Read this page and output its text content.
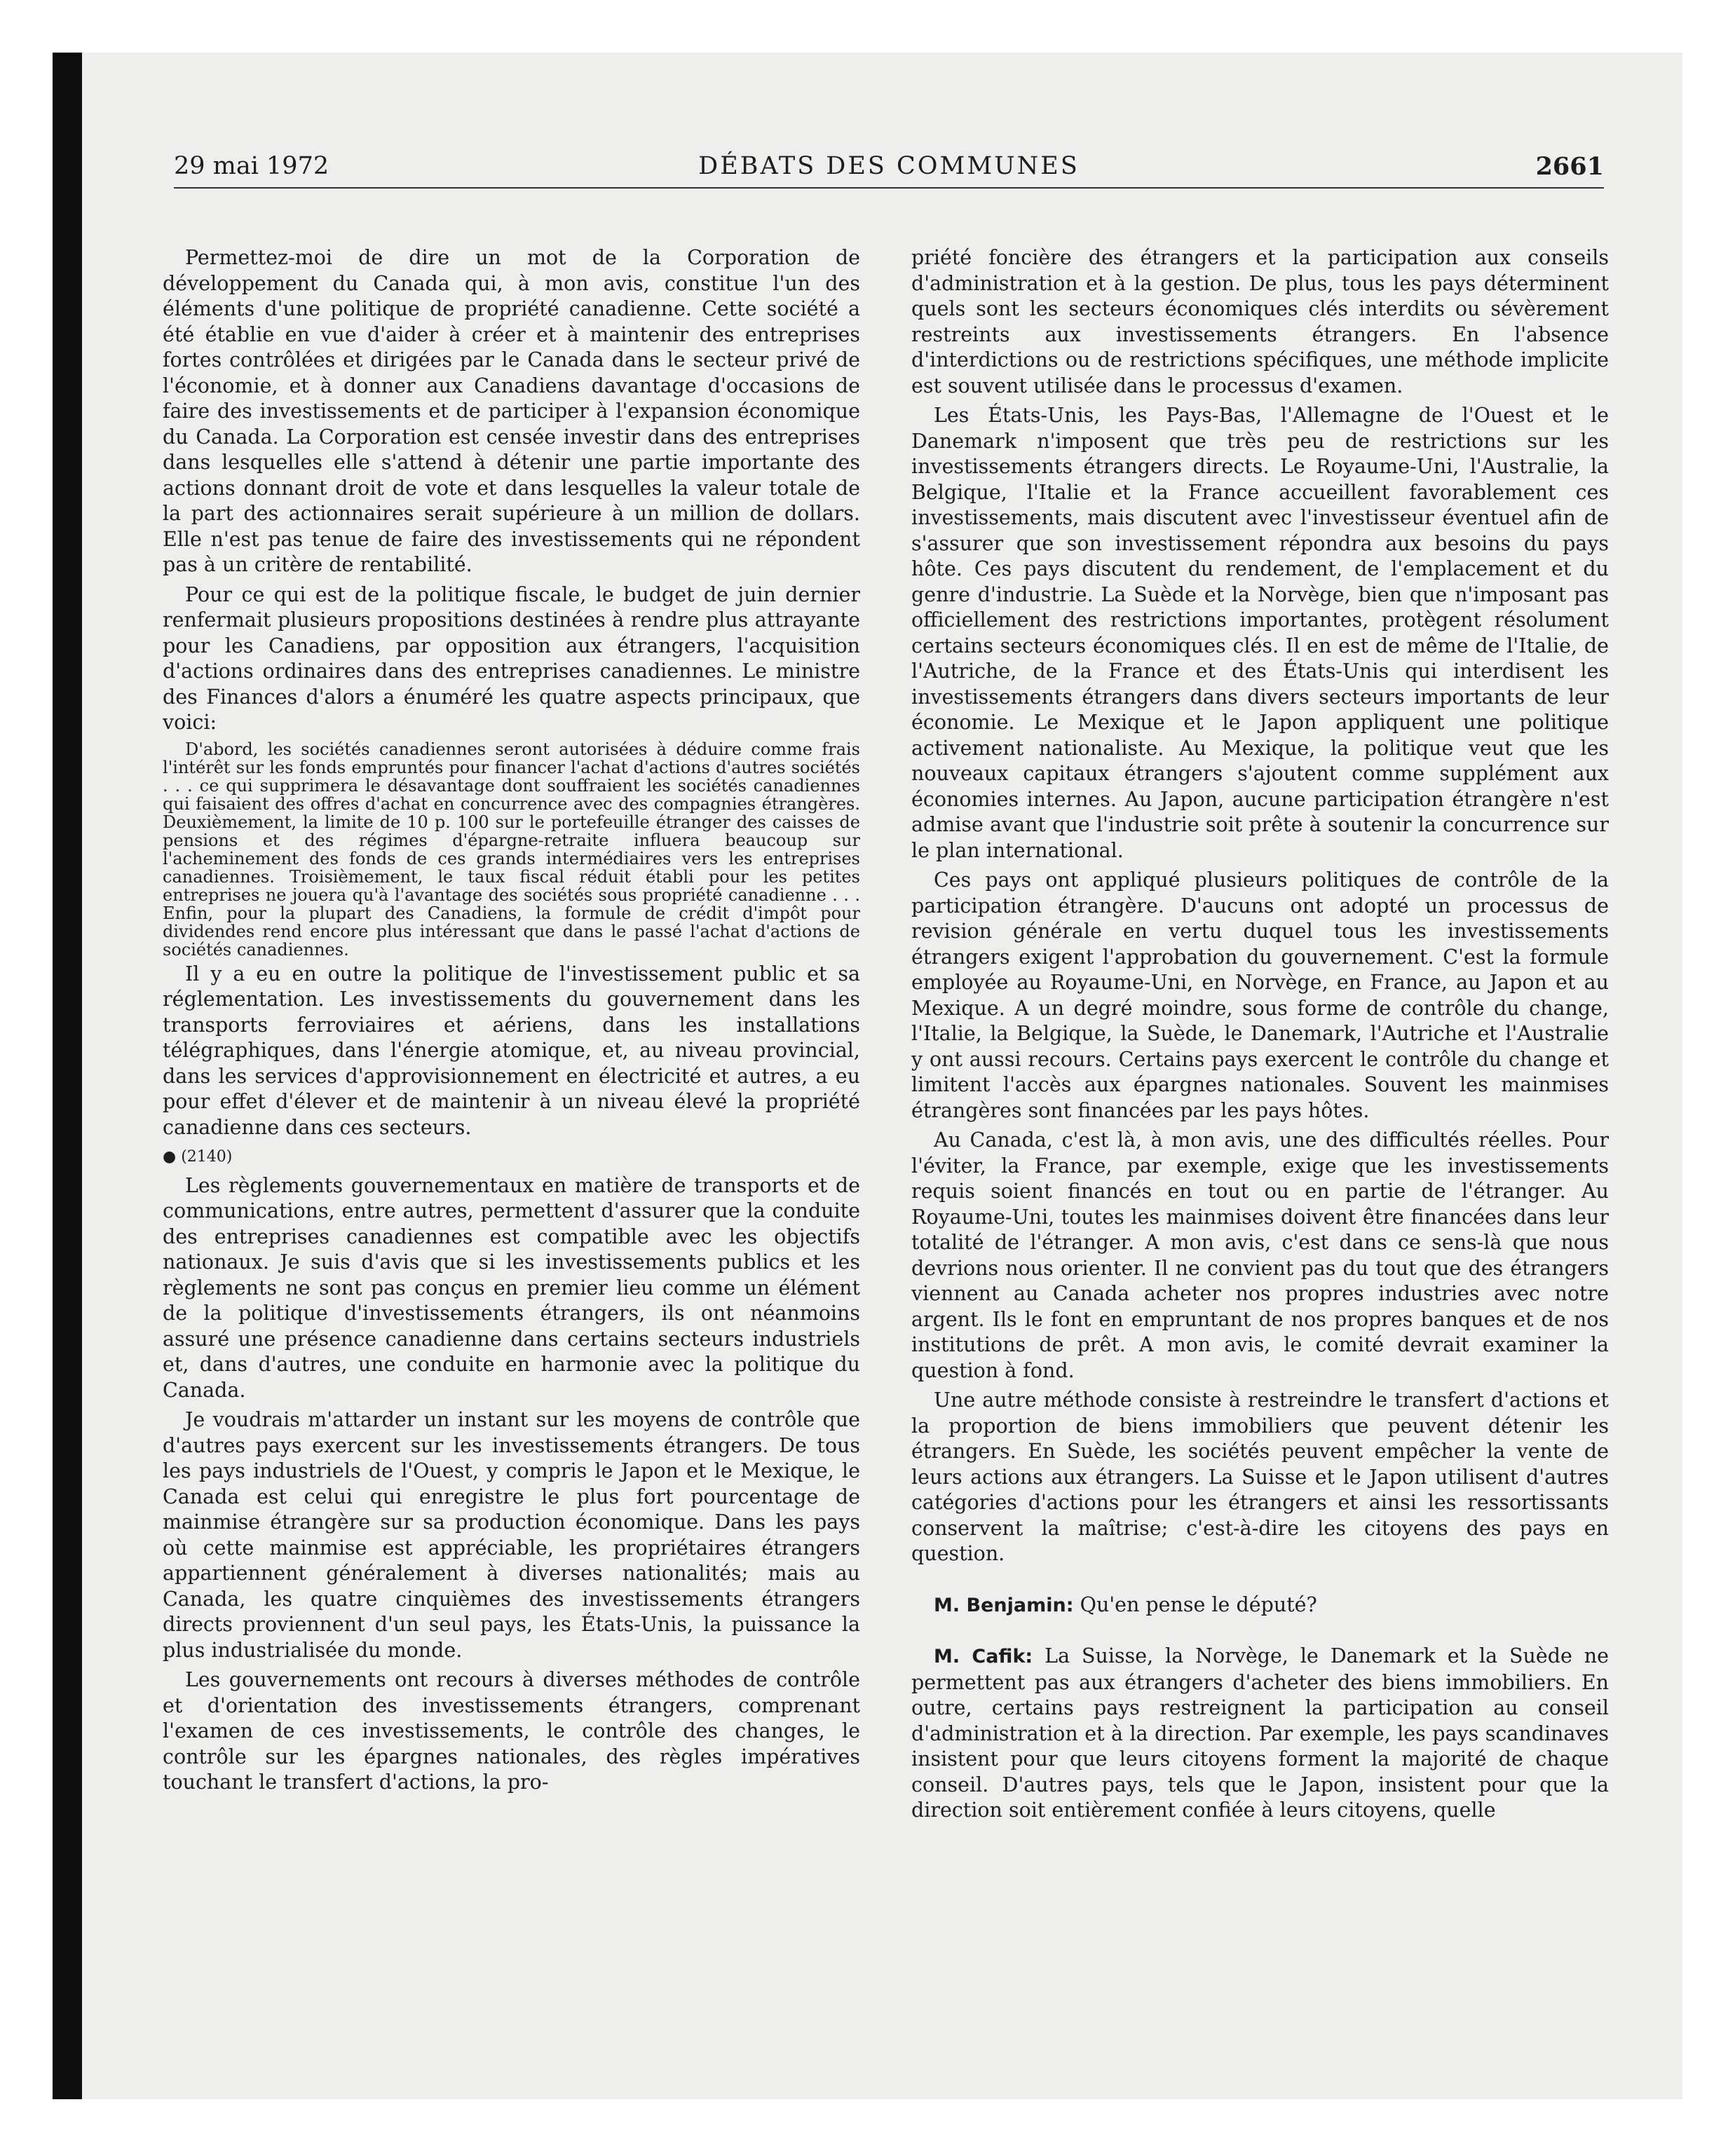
29 mai 1972	DÉBATS DES COMMUNES	2661

Permettez-moi de dire un mot de la Corporation de développement du Canada qui, à mon avis, constitue l'un des éléments d'une politique de propriété canadienne. Cette société a été établie en vue d'aider à créer et à maintenir des entreprises fortes contrôlées et dirigées par le Canada dans le secteur privé de l'économie, et à donner aux Canadiens davantage d'occasions de faire des investissements et de participer à l'expansion économique du Canada. La Corporation est censée investir dans des entreprises dans lesquelles elle s'attend à détenir une partie importante des actions donnant droit de vote et dans lesquelles la valeur totale de la part des actionnaires serait supérieure à un million de dollars. Elle n'est pas tenue de faire des investissements qui ne répondent pas à un critère de rentabilité.

Pour ce qui est de la politique fiscale, le budget de juin dernier renfermait plusieurs propositions destinées à rendre plus attrayante pour les Canadiens, par opposition aux étrangers, l'acquisition d'actions ordinaires dans des entreprises canadiennes. Le ministre des Finances d'alors a énuméré les quatre aspects principaux, que voici:

D'abord, les sociétés canadiennes seront autorisées à déduire comme frais l'intérêt sur les fonds empruntés pour financer l'achat d'actions d'autres sociétés . . . ce qui supprimera le désavantage dont souffraient les sociétés canadiennes qui faisaient des offres d'achat en concurrence avec des compagnies étrangères. Deuxièmement, la limite de 10 p. 100 sur le portefeuille étranger des caisses de pensions et des régimes d'épargne-retraite influera beaucoup sur l'acheminement des fonds de ces grands intermédiaires vers les entreprises canadiennes. Troisièmement, le taux fiscal réduit établi pour les petites entreprises ne jouera qu'à l'avantage des sociétés sous propriété canadienne . . . Enfin, pour la plupart des Canadiens, la formule de crédit d'impôt pour dividendes rend encore plus intéressant que dans le passé l'achat d'actions de sociétés canadiennes.

Il y a eu en outre la politique de l'investissement public et sa réglementation. Les investissements du gouvernement dans les transports ferroviaires et aériens, dans les installations télégraphiques, dans l'énergie atomique, et, au niveau provincial, dans les services d'approvisionnement en électricité et autres, a eu pour effet d'élever et de maintenir à un niveau élevé la propriété canadienne dans ces secteurs.

● (2140)

Les règlements gouvernementaux en matière de transports et de communications, entre autres, permettent d'assurer que la conduite des entreprises canadiennes est compatible avec les objectifs nationaux. Je suis d'avis que si les investissements publics et les règlements ne sont pas conçus en premier lieu comme un élément de la politique d'investissements étrangers, ils ont néanmoins assuré une présence canadienne dans certains secteurs industriels et, dans d'autres, une conduite en harmonie avec la politique du Canada.

Je voudrais m'attarder un instant sur les moyens de contrôle que d'autres pays exercent sur les investissements étrangers. De tous les pays industriels de l'Ouest, y compris le Japon et le Mexique, le Canada est celui qui enregistre le plus fort pourcentage de mainmise étrangère sur sa production économique. Dans les pays où cette mainmise est appréciable, les propriétaires étrangers appartiennent généralement à diverses nationalités; mais au Canada, les quatre cinquièmes des investissements étrangers directs proviennent d'un seul pays, les États-Unis, la puissance la plus industrialisée du monde.

Les gouvernements ont recours à diverses méthodes de contrôle et d'orientation des investissements étrangers, comprenant l'examen de ces investissements, le contrôle des changes, le contrôle sur les épargnes nationales, des règles impératives touchant le transfert d'actions, la pro-

priété foncière des étrangers et la participation aux conseils d'administration et à la gestion. De plus, tous les pays déterminent quels sont les secteurs économiques clés interdits ou sévèrement restreints aux investissements étrangers. En l'absence d'interdictions ou de restrictions spécifiques, une méthode implicite est souvent utilisée dans le processus d'examen.

Les États-Unis, les Pays-Bas, l'Allemagne de l'Ouest et le Danemark n'imposent que très peu de restrictions sur les investissements étrangers directs. Le Royaume-Uni, l'Australie, la Belgique, l'Italie et la France accueillent favorablement ces investissements, mais discutent avec l'investisseur éventuel afin de s'assurer que son investissement répondra aux besoins du pays hôte. Ces pays discutent du rendement, de l'emplacement et du genre d'industrie. La Suède et la Norvège, bien que n'imposant pas officiellement des restrictions importantes, protègent résolument certains secteurs économiques clés. Il en est de même de l'Italie, de l'Autriche, de la France et des États-Unis qui interdisent les investissements étrangers dans divers secteurs importants de leur économie. Le Mexique et le Japon appliquent une politique activement nationaliste. Au Mexique, la politique veut que les nouveaux capitaux étrangers s'ajoutent comme supplément aux économies internes. Au Japon, aucune participation étrangère n'est admise avant que l'industrie soit prête à soutenir la concurrence sur le plan international.

Ces pays ont appliqué plusieurs politiques de contrôle de la participation étrangère. D'aucuns ont adopté un processus de revision générale en vertu duquel tous les investissements étrangers exigent l'approbation du gouvernement. C'est la formule employée au Royaume-Uni, en Norvège, en France, au Japon et au Mexique. A un degré moindre, sous forme de contrôle du change, l'Italie, la Belgique, la Suède, le Danemark, l'Autriche et l'Australie y ont aussi recours. Certains pays exercent le contrôle du change et limitent l'accès aux épargnes nationales. Souvent les mainmises étrangères sont financées par les pays hôtes.

Au Canada, c'est là, à mon avis, une des difficultés réelles. Pour l'éviter, la France, par exemple, exige que les investissements requis soient financés en tout ou en partie de l'étranger. Au Royaume-Uni, toutes les mainmises doivent être financées dans leur totalité de l'étranger. A mon avis, c'est dans ce sens-là que nous devrions nous orienter. Il ne convient pas du tout que des étrangers viennent au Canada acheter nos propres industries avec notre argent. Ils le font en empruntant de nos propres banques et de nos institutions de prêt. A mon avis, le comité devrait examiner la question à fond.

Une autre méthode consiste à restreindre le transfert d'actions et la proportion de biens immobiliers que peuvent détenir les étrangers. En Suède, les sociétés peuvent empêcher la vente de leurs actions aux étrangers. La Suisse et le Japon utilisent d'autres catégories d'actions pour les étrangers et ainsi les ressortissants conservent la maîtrise; c'est-à-dire les citoyens des pays en question.

M. Benjamin: Qu'en pense le député?

M. Cafik: La Suisse, la Norvège, le Danemark et la Suède ne permettent pas aux étrangers d'acheter des biens immobiliers. En outre, certains pays restreignent la participation au conseil d'administration et à la direction. Par exemple, les pays scandinaves insistent pour que leurs citoyens forment la majorité de chaque conseil. D'autres pays, tels que le Japon, insistent pour que la direction soit entièrement confiée à leurs citoyens, quelle
